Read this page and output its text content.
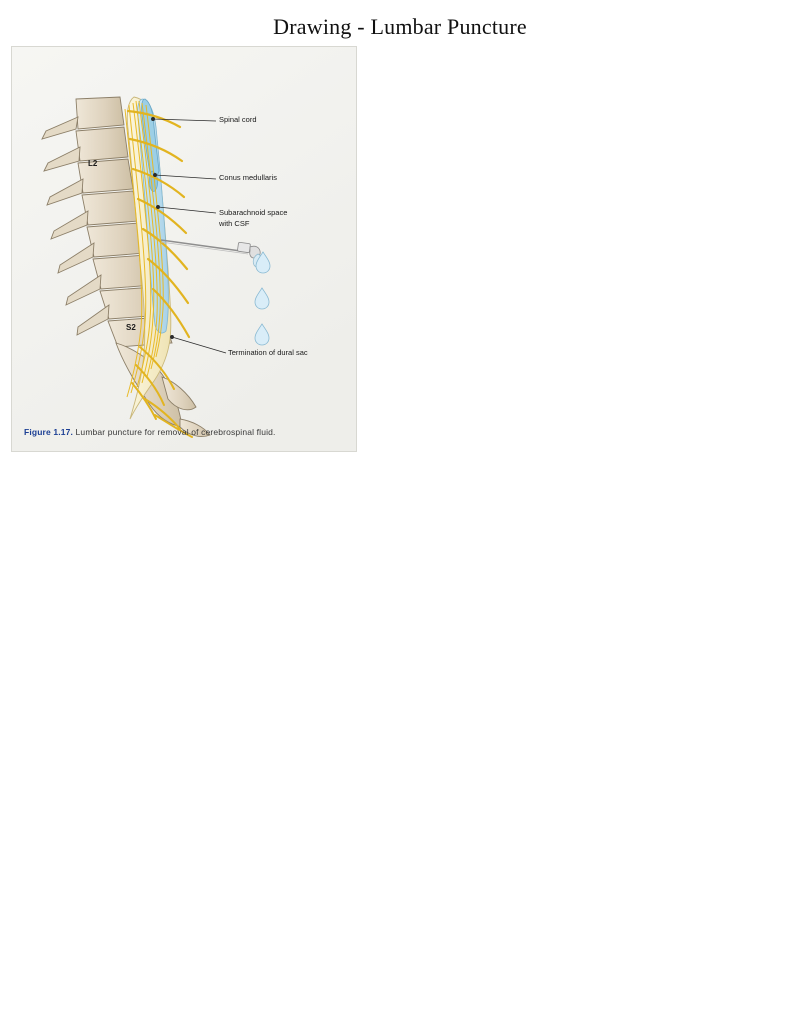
Drawing - Lumbar Puncture
Spinal cord
Conus medullaris
Subarachnoid space
with CSF
Termination of dural sac
L2
S2
Figure 1.17. Lumbar puncture for removal of cerebrospinal fluid.
